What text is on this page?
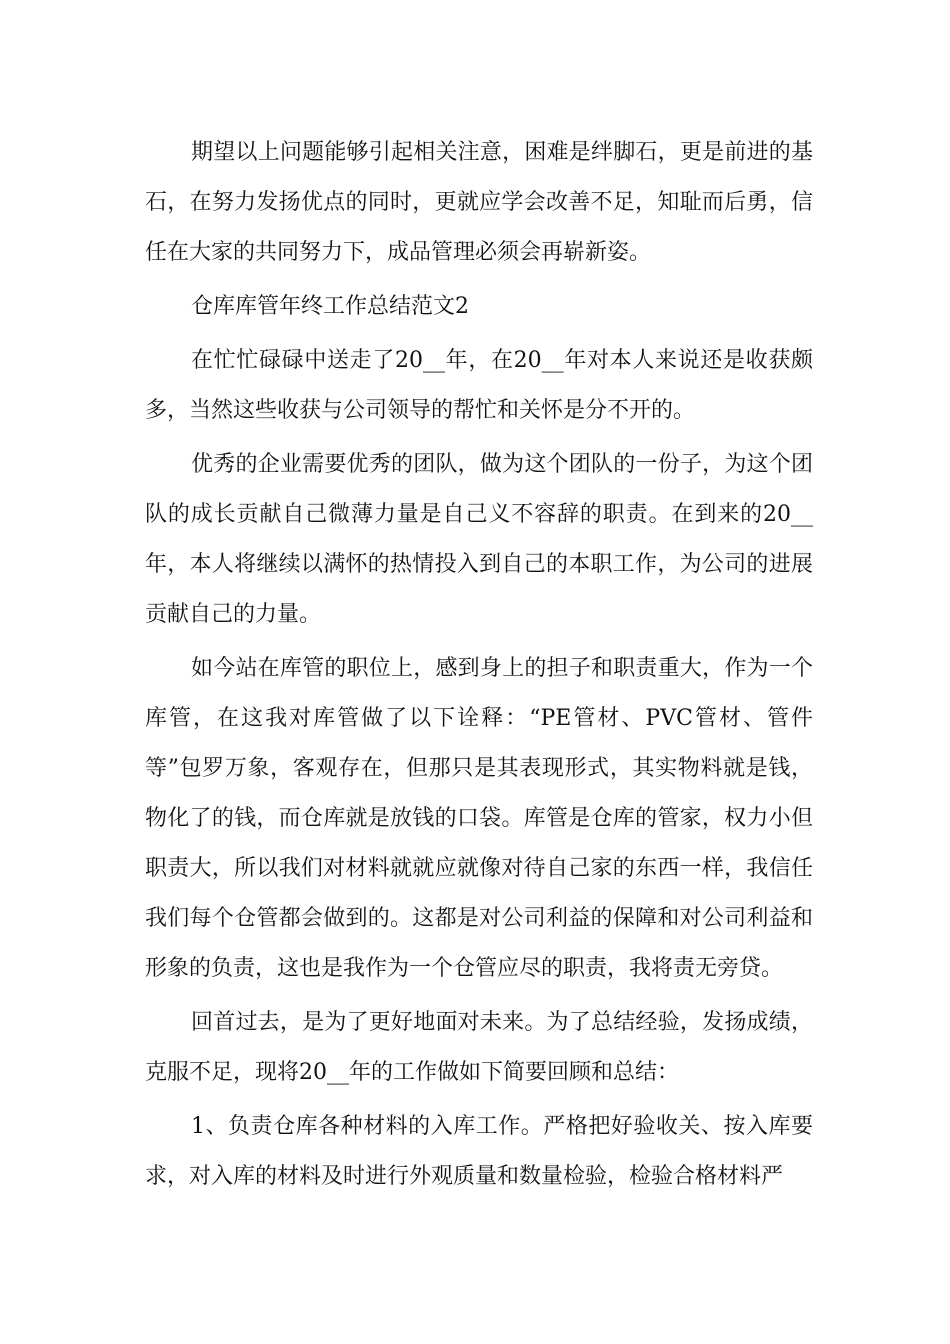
期望以上问题能够引起相关注意，困难是绊脚石，更是前进的基石，在努力发扬优点的同时，更就应学会改善不足，知耻而后勇，信任在大家的共同努力下，成品管理必须会再崭新姿。

仓库库管年终工作总结范文2

在忙忙碌碌中送走了20__年，在20__年对本人来说还是收获颇多，当然这些收获与公司领导的帮忙和关怀是分不开的。

优秀的企业需要优秀的团队，做为这个团队的一份子，为这个团队的成长贡献自己微薄力量是自己义不容辞的职责。在到来的20__年，本人将继续以满怀的热情投入到自己的本职工作，为公司的进展贡献自己的力量。

如今站在库管的职位上，感到身上的担子和职责重大，作为一个库管，在这我对库管做了以下诠释：“PE管材、PVC管材、管件等”包罗万象，客观存在，但那只是其表现形式，其实物料就是钱，物化了的钱，而仓库就是放钱的口袋。库管是仓库的管家，权力小但职责大，所以我们对材料就就应就像对待自己家的东西一样，我信任我们每个仓管都会做到的。这都是对公司利益的保障和对公司利益和形象的负责，这也是我作为一个仓管应尽的职责，我将责无旁贷。

回首过去，是为了更好地面对未来。为了总结经验，发扬成绩，克服不足，现将20__年的工作做如下简要回顾和总结：

1、负责仓库各种材料的入库工作。严格把好验收关、按入库要求，对入库的材料及时进行外观质量和数量检验，检验合格材料严
